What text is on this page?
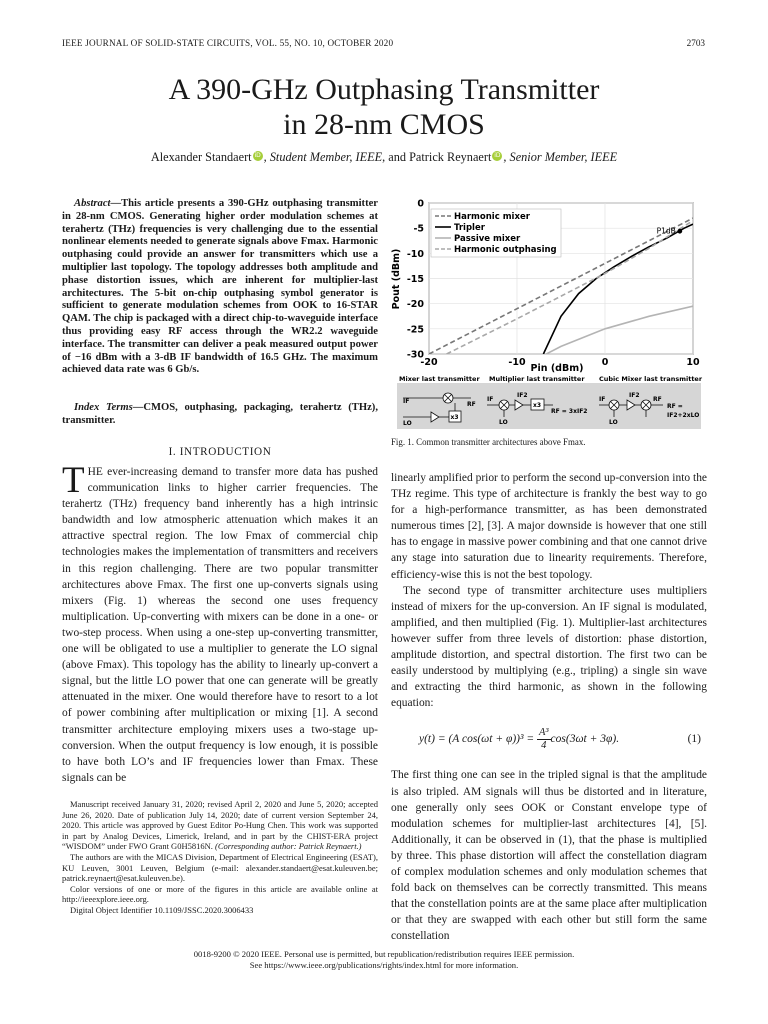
IEEE JOURNAL OF SOLID-STATE CIRCUITS, VOL. 55, NO. 10, OCTOBER 2020	2703
A 390-GHz Outphasing Transmitter
in 28-nm CMOS
Alexander Standaert iD , Student Member, IEEE, and Patrick Reynaert iD , Senior Member, IEEE
Abstract—This article presents a 390-GHz outphasing transmitter in 28-nm CMOS. Generating higher order modulation schemes at terahertz (THz) frequencies is very challenging due to the essential nonlinear elements needed to generate signals above Fmax. Harmonic outphasing could provide an answer for transmitters which use a multiplier last topology. The topology addresses both amplitude and phase distortion issues, which are inherent for multiplier-last architectures. The 5-bit on-chip outphasing symbol generator is sufficient to generate modulation schemes from OOK to 16-STAR QAM. The chip is packaged with a direct chip-to-waveguide interface thus providing easy RF access through the WR2.2 waveguide interface. The transmitter can deliver a peak measured output power of −16 dBm with a 3-dB IF bandwidth of 16.5 GHz. The maximum achieved data rate was 6 Gb/s.
Index Terms—CMOS, outphasing, packaging, terahertz (THz), transmitter.
I. INTRODUCTION

THE ever-increasing demand to transfer more data has pushed communication links to higher carrier frequencies. The terahertz (THz) frequency band inherently has a high intrinsic bandwidth and low atmospheric attenuation which makes it an attractive spectral region. The low Fmax of commercial chip technologies makes the implementation of transmitters and receivers in this region challenging. There are two popular transmitter architectures above Fmax. The first one up-converts signals using mixers (Fig. 1) whereas the second one uses frequency multiplication. Up-converting with mixers can be done in a one- or two-step process. When using a one-step up-converting transmitter, one will be obligated to use a multiplier to generate the LO signal (above Fmax). This topology has the ability to linearly up-convert a signal, but the little LO power that one can generate will be greatly attenuated in the mixer. One would therefore have to resort to a lot of power combining after multiplication or mixing [1]. A second transmitter architecture employing mixers uses a two-stage up-conversion. When the output frequency is low enough, it is possible to have both LO’s and IF frequencies lower than Fmax. These signals can be

Manuscript received January 31, 2020; revised April 2, 2020 and June 5, 2020; accepted June 26, 2020. Date of publication July 14, 2020; date of current version September 24, 2020. This article was approved by Guest Editor Po-Hung Chen. This work was supported in part by Analog Devices, Limerick, Ireland, and in part by the CHIST-ERA project “WISDOM” under FWO Grant G0H5816N. (Corresponding author: Patrick Reynaert.)

The authors are with the MICAS Division, Department of Electrical Engineering (ESAT), KU Leuven, 3001 Leuven, Belgium (e-mail: alexander.standaert@esat.kuleuven.be; patrick.reynaert@esat.kuleuven.be).

Color versions of one or more of the figures in this article are available online at http://ieeexplore.ieee.org.

Digital Object Identifier 10.1109/JSSC.2020.3006433

0
-5
-10
-15
-20
-25
-30
-20	-10	0	10
Pout (dBm)
Pin (dBm)
Harmonic mixer
Tripler
Passive mixer
Harmonic outphasing
P1dB
Mixer last transmitter Multiplier last transmitter Cubic Mixer last transmitter
IF	RF
LO
x3
IF
IF2
x3
LO
RF = 3xIF2
IF
IF2
LO
RF
RF =
IF2+2xLO
Fig. 1. Common transmitter architectures above Fmax.

linearly amplified prior to perform the second up-conversion into the THz regime. This type of architecture is frankly the best way to go for a high-performance transmitter, as has been demonstrated numerous times [2], [3]. A major downside is however that one still has to engage in massive power combining and that one cannot drive any stage into saturation due to linearity requirements. Therefore, efficiency-wise this is not the best topology.

The second type of transmitter architecture uses multipliers instead of mixers for the up-conversion. An IF signal is modulated, amplified, and then multiplied (Fig. 1). Multiplier-last architectures however suffer from three levels of distortion: phase distortion, amplitude distortion, and spectral distortion. The first two can be easily understood by multiplying (e.g., tripling) a single sin wave and extracting the third harmonic, as shown in the following equation:

y(t) = (A $\cos(\omega t + \varphi))^3 = \frac{\text{A³}}{4} \cos(3\omega t + 3\varphi)$.	(1)

The first thing one can see in the tripled signal is that the amplitude is also tripled. AM signals will thus be distorted and in literature, one generally only sees OOK or Constant envelope type of modulation schemes for multiplier-last architectures [4], [5]. Additionally, it can be observed in (1), that the phase is multiplied by three. This phase distortion will affect the constellation diagram of complex modulation schemes and only modulation schemes that fold back on themselves can be correctly transmitted. This means that the constellation points are at the same place after multiplication or that they are swapped with each other but still form the same constellation

0018-9200 © 2020 IEEE. Personal use is permitted, but republication/redistribution requires IEEE permission.
See https://www.ieee.org/publications/rights/index.html for more information.
